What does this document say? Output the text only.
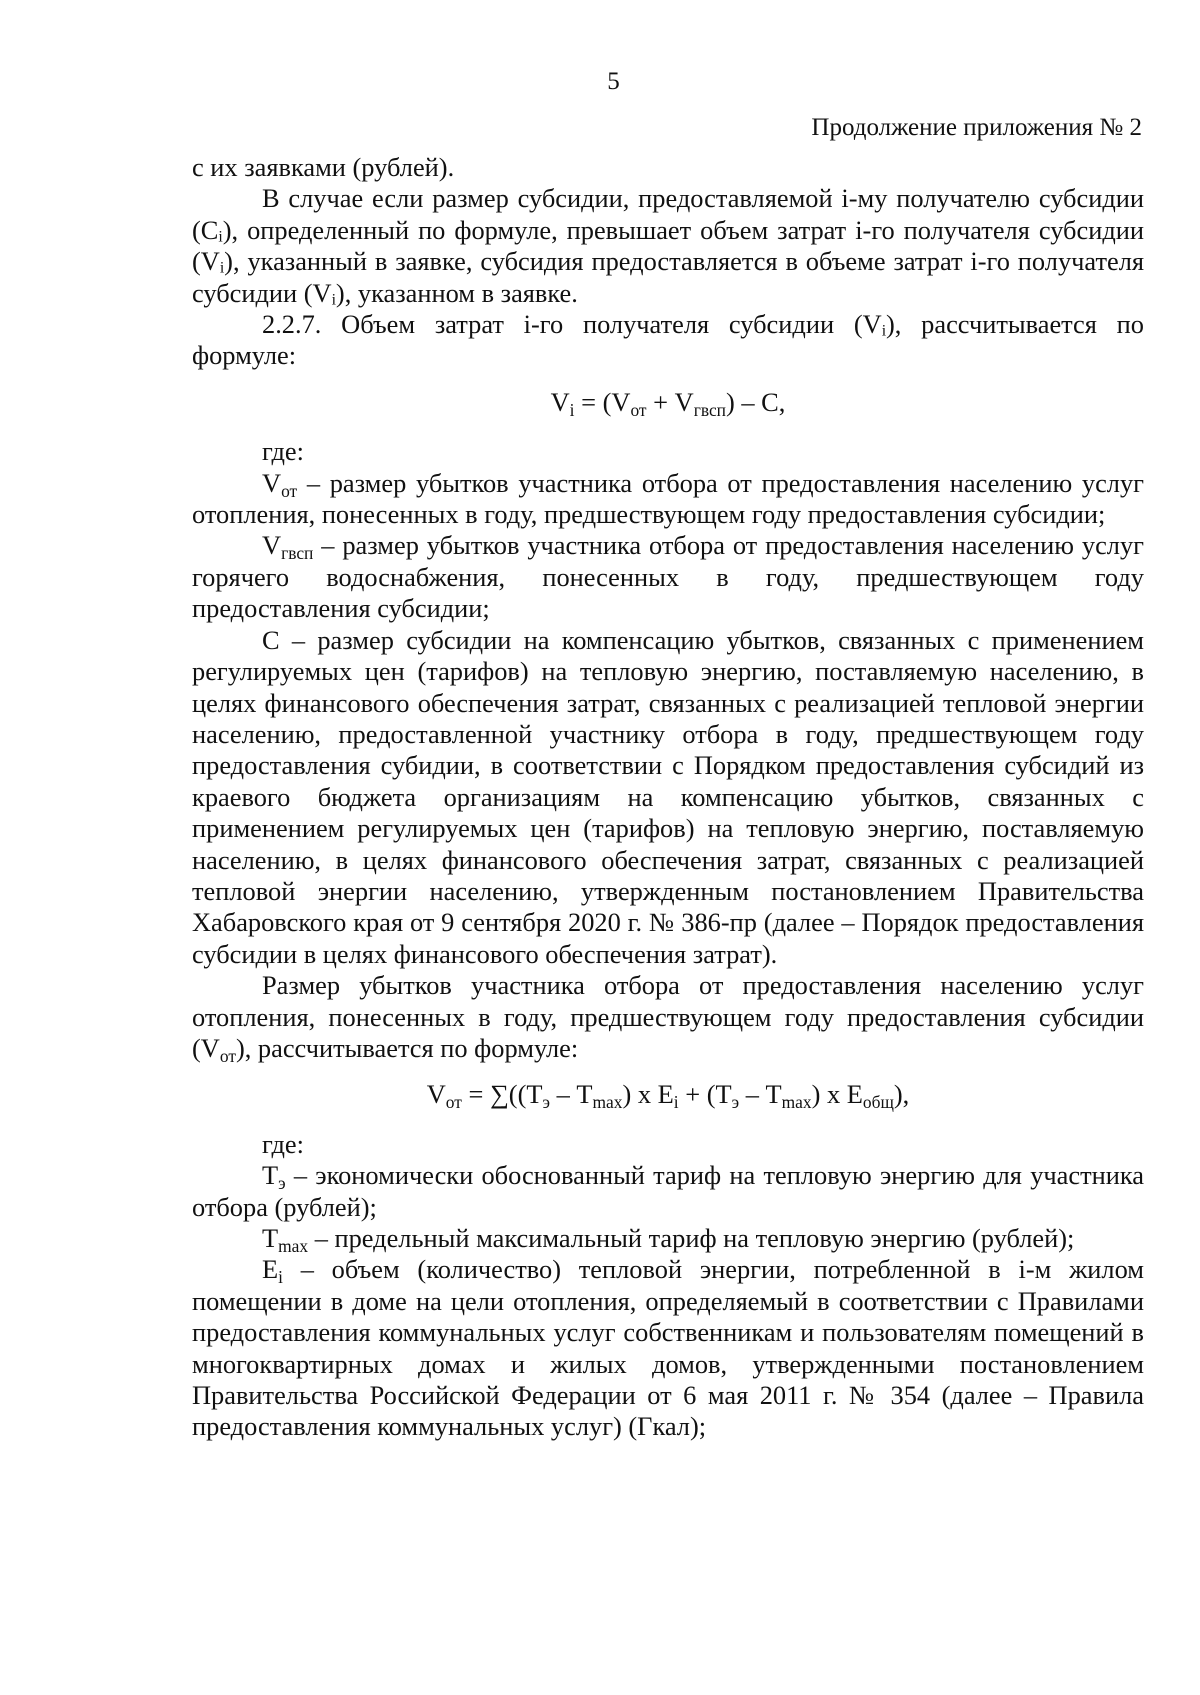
5
Продолжение приложения № 2

с их заявками (рублей).

В случае если размер субсидии, предоставляемой i-му получателю субсидии (Cᵢ), определенный по формуле, превышает объем затрат i-го получателя субсидии (Vᵢ), указанный в заявке, субсидия предоставляется в объеме затрат i-го получателя субсидии (Vᵢ), указанном в заявке.

2.2.7. Объем затрат i-го получателя субсидии (Vᵢ), рассчитывается по формуле:

$V_i = (V_{от} + V_{гвсп}) - C$,

где:

$V_{от}$ – размер убытков участника отбора от предоставления населению услуг отопления, понесенных в году, предшествующем году предоставления субсидии;

$V_{гвсп}$ – размер убытков участника отбора от предоставления населению услуг горячего водоснабжения, понесенных в году, предшествующем году предоставления субсидии;

C – размер субсидии на компенсацию убытков, связанных с применением регулируемых цен (тарифов) на тепловую энергию, поставляемую населению, в целях финансового обеспечения затрат, связанных с реализацией тепловой энергии населению, предоставленной участнику отбора в году, предшествующем году предоставления субидии, в соответствии с Порядком предоставления субсидий из краевого бюджета организациям на компенсацию убытков, связанных с применением регулируемых цен (тарифов) на тепловую энергию, поставляемую населению, в целях финансового обеспечения затрат, связанных с реализацией тепловой энергии населению, утвержденным постановлением Правительства Хабаровского края от 9 сентября 2020 г. № 386-пр (далее – Порядок предоставления субсидии в целях финансового обеспечения затрат).

Размер убытков участника отбора от предоставления населению услуг отопления, понесенных в году, предшествующем году предоставления субсидии $(V_{от})$, рассчитывается по формуле:

$V_{от} = \sum((T_э - T_{max})$ x $E_i + (T_э - T_{max})$ x $E_{общ}$),

где:

$T_э$ – экономически обоснованный тариф на тепловую энергию для участника отбора (рублей);

$T_{max}$ – предельный максимальный тариф на тепловую энергию (рублей);

$E_i$ – объем (количество) тепловой энергии, потребленной в i-м жилом помещении в доме на цели отопления, определяемый в соответствии с Правилами предоставления коммунальных услуг собственникам и пользователям помещений в многоквартирных домах и жилых домов, утвержденными постановлением Правительства Российской Федерации от 6 мая 2011 г. № 354 (далее – Правила предоставления коммунальных услуг) (Гкал);
